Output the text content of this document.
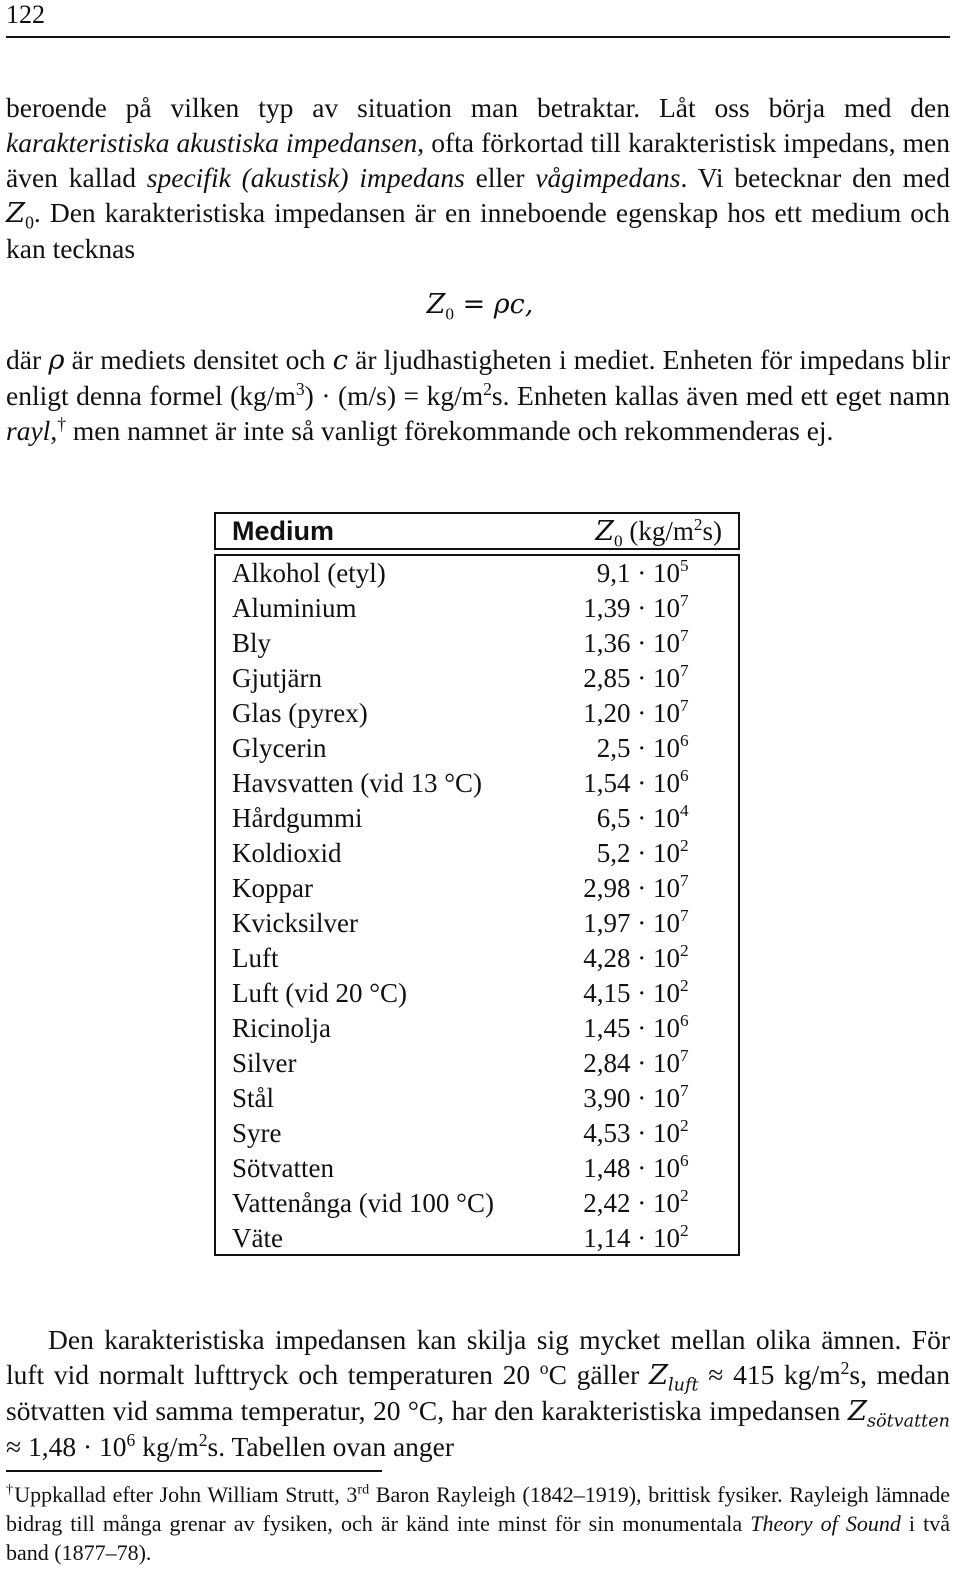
122

beroende på vilken typ av situation man betraktar. Låt oss börja med den karakteristiska akustiska impedansen, ofta förkortad till karakteristisk impedans, men även kallad specifik (akustisk) impedans eller vågimpedans. Vi betecknar den med $Z_0$. Den karakteristiska impedansen är en inneboende egenskap hos ett medium och kan tecknas

$Z_0 = \rho c$,

där ρ är mediets densitet och c är ljudhastigheten i mediet. Enheten för impedans blir enligt denna formel $(kg/m^3) \cdot (m/s) = kg/m^2s$. Enheten kallas även med ett eget namn rayl,† men namnet är inte så vanligt förekommande och rekommenderas ej.

Medium	$Z_0$ $(kg/m^2s)$
Alkohol (etyl)	9,1 · 10 5
Aluminium	1,39 · 10 7
Bly	1,36 · 10 7
Gjutjärn	2,85 · 10 7
Glas (pyrex)	1,20 · 10 7
Glycerin	2,5 · 10 6
Havsvatten (vid 13 °C)	1,54 · 10 6
Hårdgummi	6,5 · 10 4
Koldioxid	5,2 · 10 2
Koppar	2,98 · 10 7
Kvicksilver	1,97 · 10 7
Luft	4,28 · 10 2
Luft (vid 20 °C)	4,15 · 10 2
Ricinolja	1,45 · 10 6
Silver	2,84 · 10 7
Stål	3,90 · 10 7
Syre	4,53 · 10 2
Sötvatten	1,48 · 10 6
Vattenånga (vid 100 °C)	2,42 · 10 2
Väte	1,14 · 10 2

Den karakteristiska impedansen kan skilja sig mycket mellan olika ämnen. För luft vid normalt lufttryck och temperaturen 20 $^o$C gäller $Z_{luft} \approx 415$ $kg/m^2s$, medan sötvatten vid samma temperatur, 20 °C, har den karakteristiska impedansen $Z_{sötvatten} \approx 1,48 \cdot 10^6$ $kg/m^2s$. Tabellen ovan anger

†Uppkallad efter John William Strutt, 3rd Baron Rayleigh (1842–1919), brittisk fysiker. Rayleigh lämnade bidrag till många grenar av fysiken, och är känd inte minst för sin monumentala Theory of Sound i två band (1877–78).
